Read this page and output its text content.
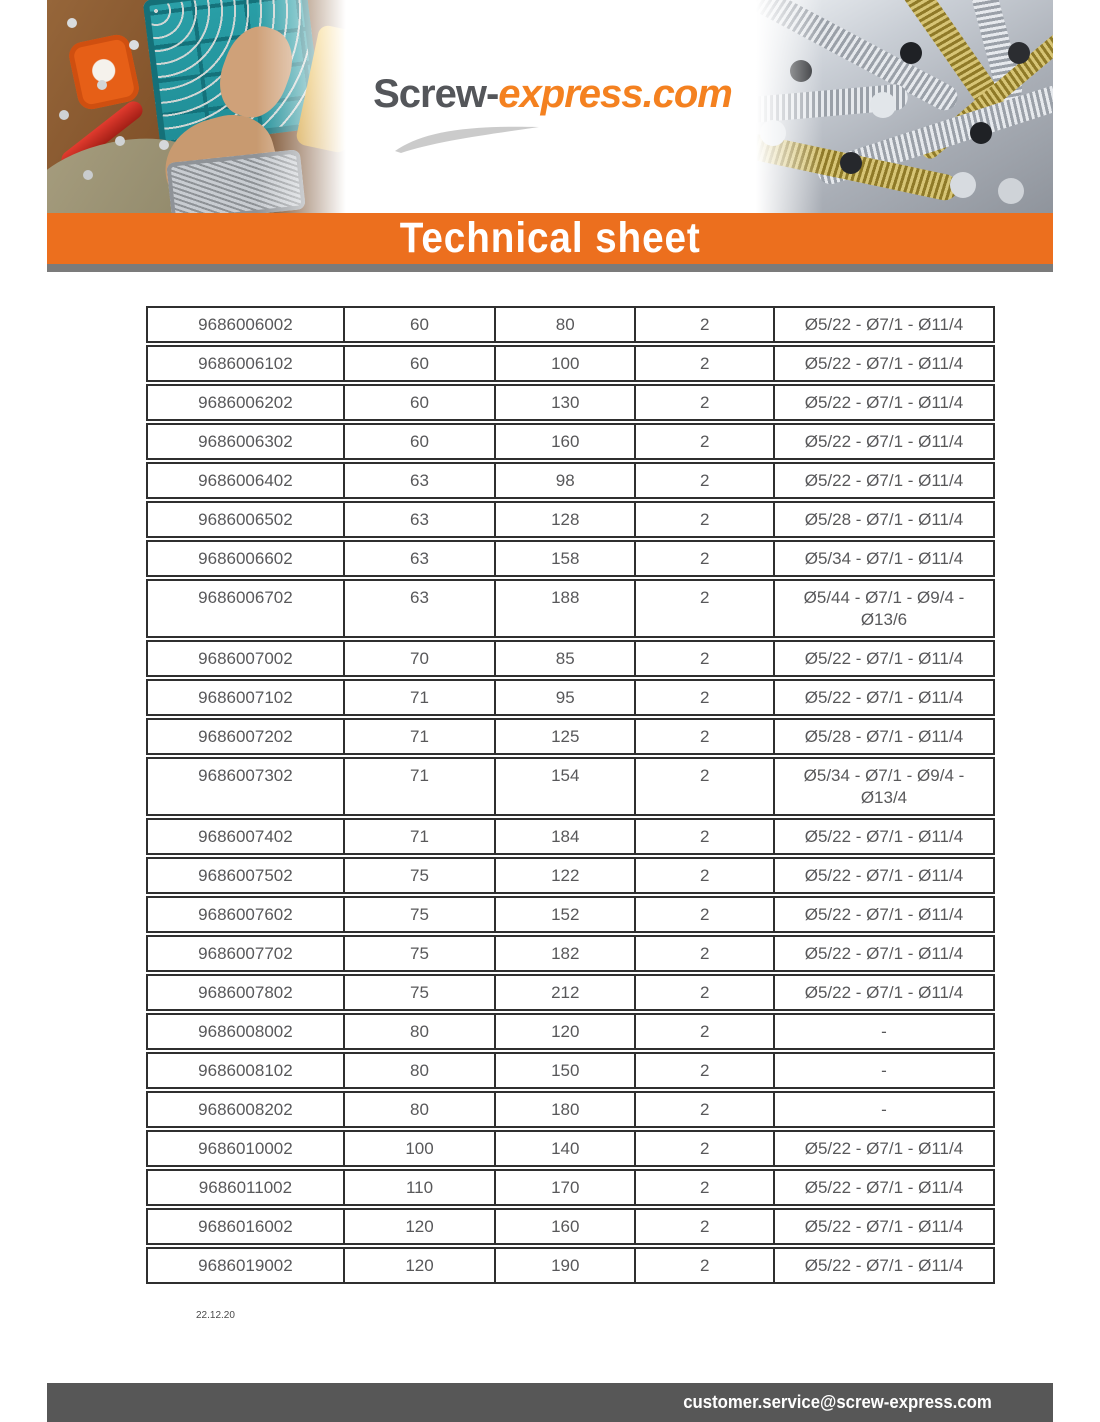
Screw-express.com
Technical sheet
9686006002	60	80	2	Ø5/22 - Ø7/1 - Ø11/4
9686006102	60	100	2	Ø5/22 - Ø7/1 - Ø11/4
9686006202	60	130	2	Ø5/22 - Ø7/1 - Ø11/4
9686006302	60	160	2	Ø5/22 - Ø7/1 - Ø11/4
9686006402	63	98	2	Ø5/22 - Ø7/1 - Ø11/4
9686006502	63	128	2	Ø5/28 - Ø7/1 - Ø11/4
9686006602	63	158	2	Ø5/34 - Ø7/1 - Ø11/4
9686006702	63	188	2	Ø5/44 - Ø7/1 - Ø9/4 - Ø13/6
9686007002	70	85	2	Ø5/22 - Ø7/1 - Ø11/4
9686007102	71	95	2	Ø5/22 - Ø7/1 - Ø11/4
9686007202	71	125	2	Ø5/28 - Ø7/1 - Ø11/4
9686007302	71	154	2	Ø5/34 - Ø7/1 - Ø9/4 - Ø13/4
9686007402	71	184	2	Ø5/22 - Ø7/1 - Ø11/4
9686007502	75	122	2	Ø5/22 - Ø7/1 - Ø11/4
9686007602	75	152	2	Ø5/22 - Ø7/1 - Ø11/4
9686007702	75	182	2	Ø5/22 - Ø7/1 - Ø11/4
9686007802	75	212	2	Ø5/22 - Ø7/1 - Ø11/4
9686008002	80	120	2	-
9686008102	80	150	2	-
9686008202	80	180	2	-
9686010002	100	140	2	Ø5/22 - Ø7/1 - Ø11/4
9686011002	110	170	2	Ø5/22 - Ø7/1 - Ø11/4
9686016002	120	160	2	Ø5/22 - Ø7/1 - Ø11/4
9686019002	120	190	2	Ø5/22 - Ø7/1 - Ø11/4
22.12.20
customer.service@screw-express.com
